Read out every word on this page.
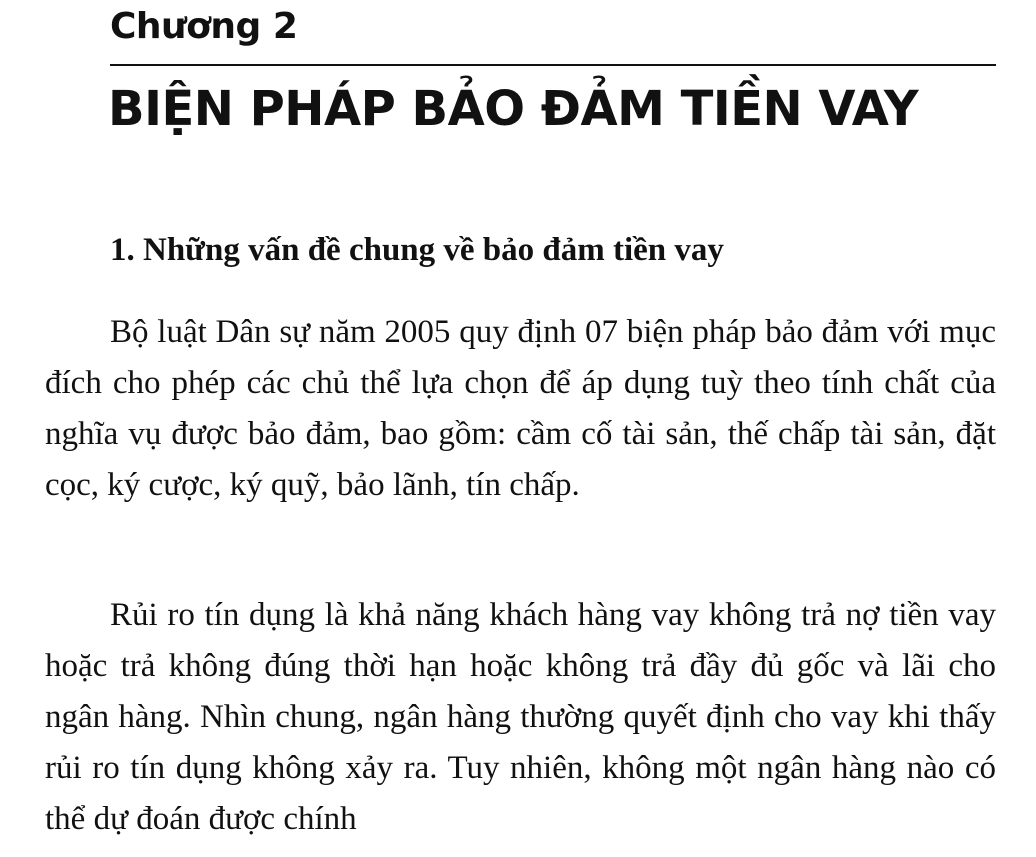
Chương 2
BIỆN PHÁP BẢO ĐẢM TIỀN VAY
1. Những vấn đề chung về bảo đảm tiền vay

Bộ luật Dân sự năm 2005 quy định 07 biện pháp bảo đảm với mục đích cho phép các chủ thể lựa chọn để áp dụng tuỳ theo tính chất của nghĩa vụ được bảo đảm, bao gồm: cầm cố tài sản, thế chấp tài sản, đặt cọc, ký cược, ký quỹ, bảo lãnh, tín chấp.

Rủi ro tín dụng là khả năng khách hàng vay không trả nợ tiền vay hoặc trả không đúng thời hạn hoặc không trả đầy đủ gốc và lãi cho ngân hàng. Nhìn chung, ngân hàng thường quyết định cho vay khi thấy rủi ro tín dụng không xảy ra. Tuy nhiên, không một ngân hàng nào có thể dự đoán được chính
